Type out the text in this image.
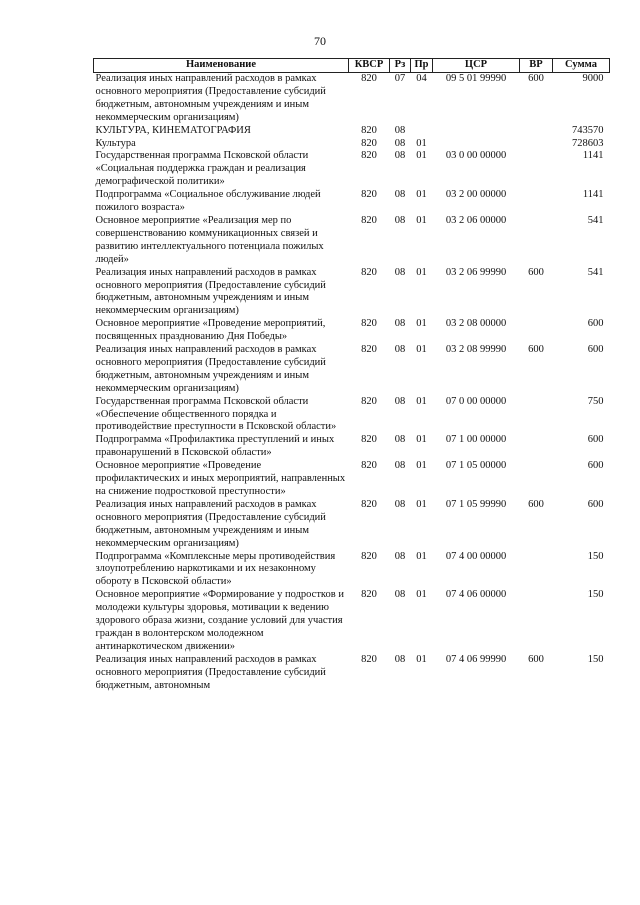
70
Наименование	КВСР	Рз	Пр	ЦСР	ВР	Сумма
Реализация иных направлений расходов в рамках основного мероприятия (Предоставление субсидий бюджетным, автономным учреждениям и иным некоммерческим организациям)	820	07	04	09 5 01 99990	600	9000
КУЛЬТУРА, КИНЕМАТОГРАФИЯ	820	08				743570
Культура	820	08	01			728603
Государственная программа Псковской области «Социальная поддержка граждан и реализация демографической политики»	820	08	01	03 0 00 00000		1141
Подпрограмма «Социальное обслуживание людей пожилого возраста»	820	08	01	03 2 00 00000		1141
Основное мероприятие «Реализация мер по совершенствованию коммуникационных связей и развитию интеллектуального потенциала пожилых людей»	820	08	01	03 2 06 00000		541
Реализация иных направлений расходов в рамках основного мероприятия (Предоставление субсидий бюджетным, автономным учреждениям и иным некоммерческим организациям)	820	08	01	03 2 06 99990	600	541
Основное мероприятие «Проведение мероприятий, посвященных празднованию Дня Победы»	820	08	01	03 2 08 00000		600
Реализация иных направлений расходов в рамках основного мероприятия (Предоставление субсидий бюджетным, автономным учреждениям и иным некоммерческим организациям)	820	08	01	03 2 08 99990	600	600
Государственная программа Псковской области «Обеспечение общественного порядка и противодействие преступности в Псковской области»	820	08	01	07 0 00 00000		750
Подпрограмма «Профилактика преступлений и иных правонарушений в Псковской области»	820	08	01	07 1 00 00000		600
Основное мероприятие «Проведение профилактических и иных мероприятий, направленных на снижение подростковой преступности»	820	08	01	07 1 05 00000		600
Реализация иных направлений расходов в рамках основного мероприятия (Предоставление субсидий бюджетным, автономным учреждениям и иным некоммерческим организациям)	820	08	01	07 1 05 99990	600	600
Подпрограмма «Комплексные меры противодействия злоупотреблению наркотиками и их незаконному обороту в Псковской области»	820	08	01	07 4 00 00000		150
Основное мероприятие «Формирование у подростков и молодежи культуры здоровья, мотивации к ведению здорового образа жизни, создание условий для участия граждан в волонтерском молодежном антинаркотическом движении»	820	08	01	07 4 06 00000		150
Реализация иных направлений расходов в рамках основного мероприятия (Предоставление субсидий бюджетным, автономным	820	08	01	07 4 06 99990	600	150
